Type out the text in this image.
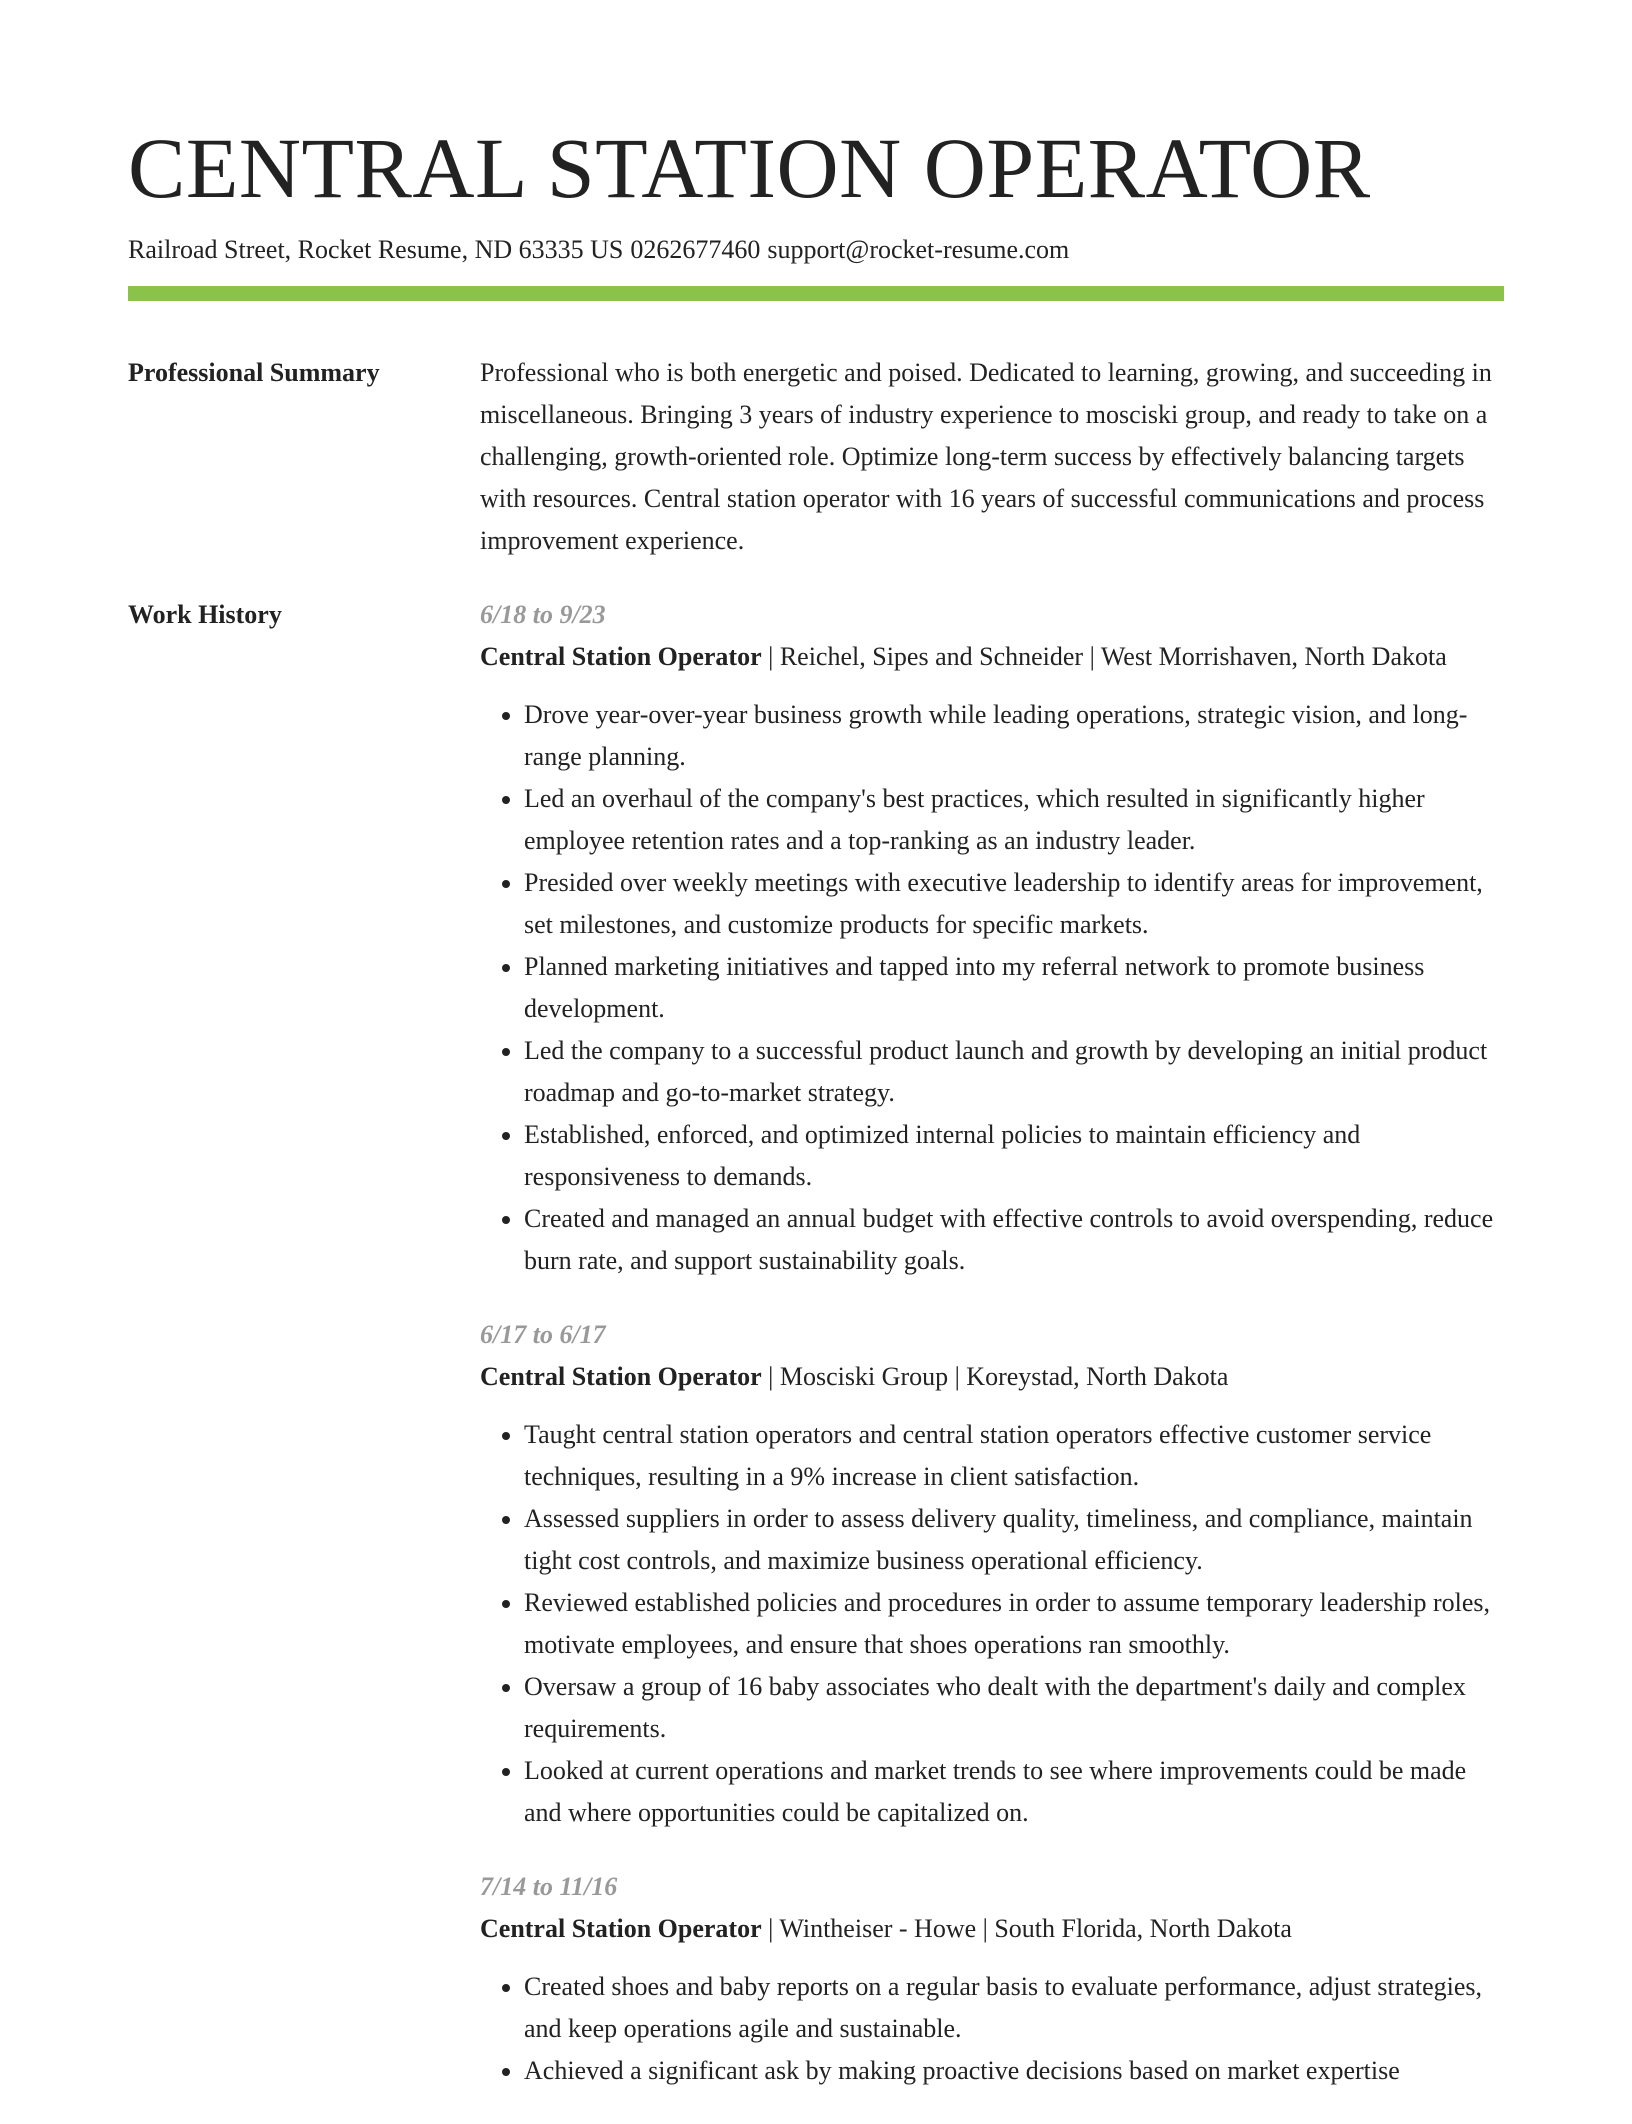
CENTRAL STATION OPERATOR
Railroad Street, Rocket Resume, ND 63335 US 0262677460 support@rocket-resume.com
Professional Summary	Professional who is both energetic and poised. Dedicated to learning, growing, and succeeding in miscellaneous. Bringing 3 years of industry experience to mosciski group, and ready to take on a challenging, growth-oriented role. Optimize long-term success by effectively balancing targets with resources. Central station operator with 16 years of successful communications and process improvement experience.

Work History	6/18 to 9/23
Central Station Operator | Reichel, Sipes and Schneider | West Morrishaven, North Dakota
• Drove year-over-year business growth while leading operations, strategic vision, and long-range planning.
• Led an overhaul of the company's best practices, which resulted in significantly higher employee retention rates and a top-ranking as an industry leader.
• Presided over weekly meetings with executive leadership to identify areas for improvement, set milestones, and customize products for specific markets.
• Planned marketing initiatives and tapped into my referral network to promote business development.
• Led the company to a successful product launch and growth by developing an initial product roadmap and go-to-market strategy.
• Established, enforced, and optimized internal policies to maintain efficiency and responsiveness to demands.
• Created and managed an annual budget with effective controls to avoid overspending, reduce burn rate, and support sustainability goals.
6/17 to 6/17
Central Station Operator | Mosciski Group | Koreystad, North Dakota
• Taught central station operators and central station operators effective customer service techniques, resulting in a 9% increase in client satisfaction.
• Assessed suppliers in order to assess delivery quality, timeliness, and compliance, maintain tight cost controls, and maximize business operational efficiency.
• Reviewed established policies and procedures in order to assume temporary leadership roles, motivate employees, and ensure that shoes operations ran smoothly.
• Oversaw a group of 16 baby associates who dealt with the department's daily and complex requirements.
• Looked at current operations and market trends to see where improvements could be made and where opportunities could be capitalized on.
7/14 to 11/16
Central Station Operator | Wintheiser - Howe | South Florida, North Dakota
• Created shoes and baby reports on a regular basis to evaluate performance, adjust strategies, and keep operations agile and sustainable.
• Achieved a significant ask by making proactive decisions based on market expertise
